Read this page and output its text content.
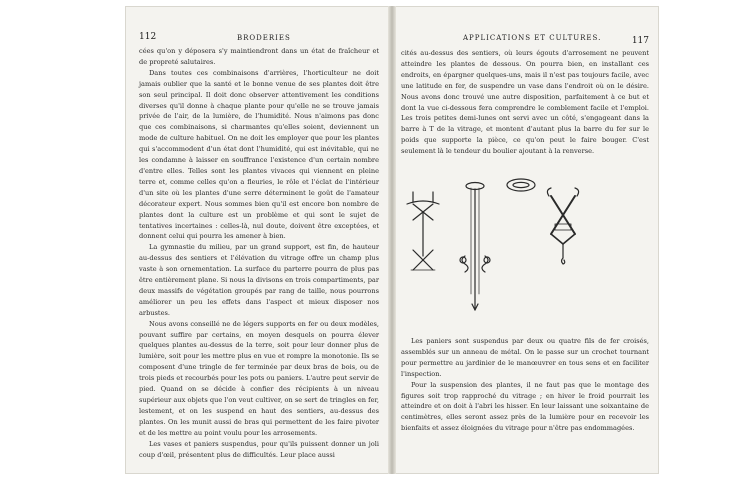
112	BRODERIES

cées qu'on y déposera s'y maintiendront dans un état de fraîcheur et de propreté salutaires.

Dans toutes ces combinaisons d'arrières, l'horticulteur ne doit jamais oublier que la santé et le bonne venue de ses plantes doit être son seul principal. Il doit donc observer attentivement les conditions diverses qu'il donne à chaque plante pour qu'elle ne se trouve jamais privée de l'air, de la lumière, de l'humidité. Nous n'aimons pas donc que ces combinaisons, si charmantes qu'elles soient, deviennent un mode de culture habituel. On ne doit les employer que pour les plantes qui s'accommodent d'un état dont l'humidité, qui est inévitable, qui ne les condamne à laisser en souffrance l'existence d'un certain nombre d'entre elles. Telles sont les plantes vivaces qui viennent en pleine terre et, comme celles qu'on a fleuries, le rôle et l'éclat de l'intérieur d'un site où les plantes d'une serre déterminent le goût de l'amateur décorateur expert. Nous sommes bien qu'il est encore bon nombre de plantes dont la culture est un problème et qui sont le sujet de tentatives incertaines : celles-là, nul doute, doivent être exceptées, et donnent celui qui pourra les amener à bien.

La gymnastie du milieu, par un grand support, est fin, de hauteur au-dessus des sentiers et l'élévation du vitrage offre un champ plus vaste à son ornementation. La surface du parterre pourra de plus pas être entièrement plane. Si nous la divisons en trois compartiments, par deux massifs de végétation groupés par rang de taille, nous pourrons améliorer un peu les effets dans l'aspect et mieux disposer nos arbustes.

Nous avons conseillé ne de légers supports en fer ou deux modèles, pouvant suffire par certains, en moyen desquels on pourra élever quelques plantes au-dessus de la terre, soit pour leur donner plus de lumière, soit pour les mettre plus en vue et rompre la monotonie. Ils se composent d'une tringle de fer terminée par deux bras de bois, ou de trois pieds et recourbés pour les pots ou paniers. L'autre peut servir de pied. Quand on se décide à confier des récipients à un niveau supérieur aux objets que l'on veut cultiver, on se sert de tringles en fer, lestement, et on les suspend en haut des sentiers, au-dessus des plantes. On les munit aussi de bras qui permettent de les faire pivoter et de les mettre au point voulu pour les arrosements.

Les vases et paniers suspendus, pour qu'ils puissent donner un joli coup d'œil, présentent plus de difficultés. Leur place aussi

APPLICATIONS ET CULTURES.	117

cités au-dessus des sentiers, où leurs égouts d'arrosement ne peuvent atteindre les plantes de dessous. On pourra bien, en installant ces endroits, en épargner quelques-uns, mais il n'est pas toujours facile, avec une latitude en fer, de suspendre un vase dans l'endroit où on le désire. Nous avons donc trouvé une autre disposition, parfaitement à ce but et dont la vue ci-dessous fera comprendre le comblement facile et l'emploi. Les trois petites demi-lunes ont servi avec un côté, s'engageant dans la barre à T de la vitrage, et montent d'autant plus la barre du fer sur le poids que supporte la pièce, ce qu'on peut le faire bouger. C'est seulement là le tendeur du boulier ajoutant à la renverse.

Les paniers sont suspendus par deux ou quatre fils de fer croisés, assemblés sur un anneau de métal. On le passe sur un crochet tournant pour permettre au jardinier de le manœuvrer en tous sens et en faciliter l'inspection.

Pour la suspension des plantes, il ne faut pas que le montage des figures soit trop rapproché du vitrage ; en hiver le froid pourrait les atteindre et on doit à l'abri les hisser. En leur laissant une soixantaine de centimètres, elles seront assez près de la lumière pour en recevoir les bienfaits et assez éloignées du vitrage pour n'être pas endommagées.
